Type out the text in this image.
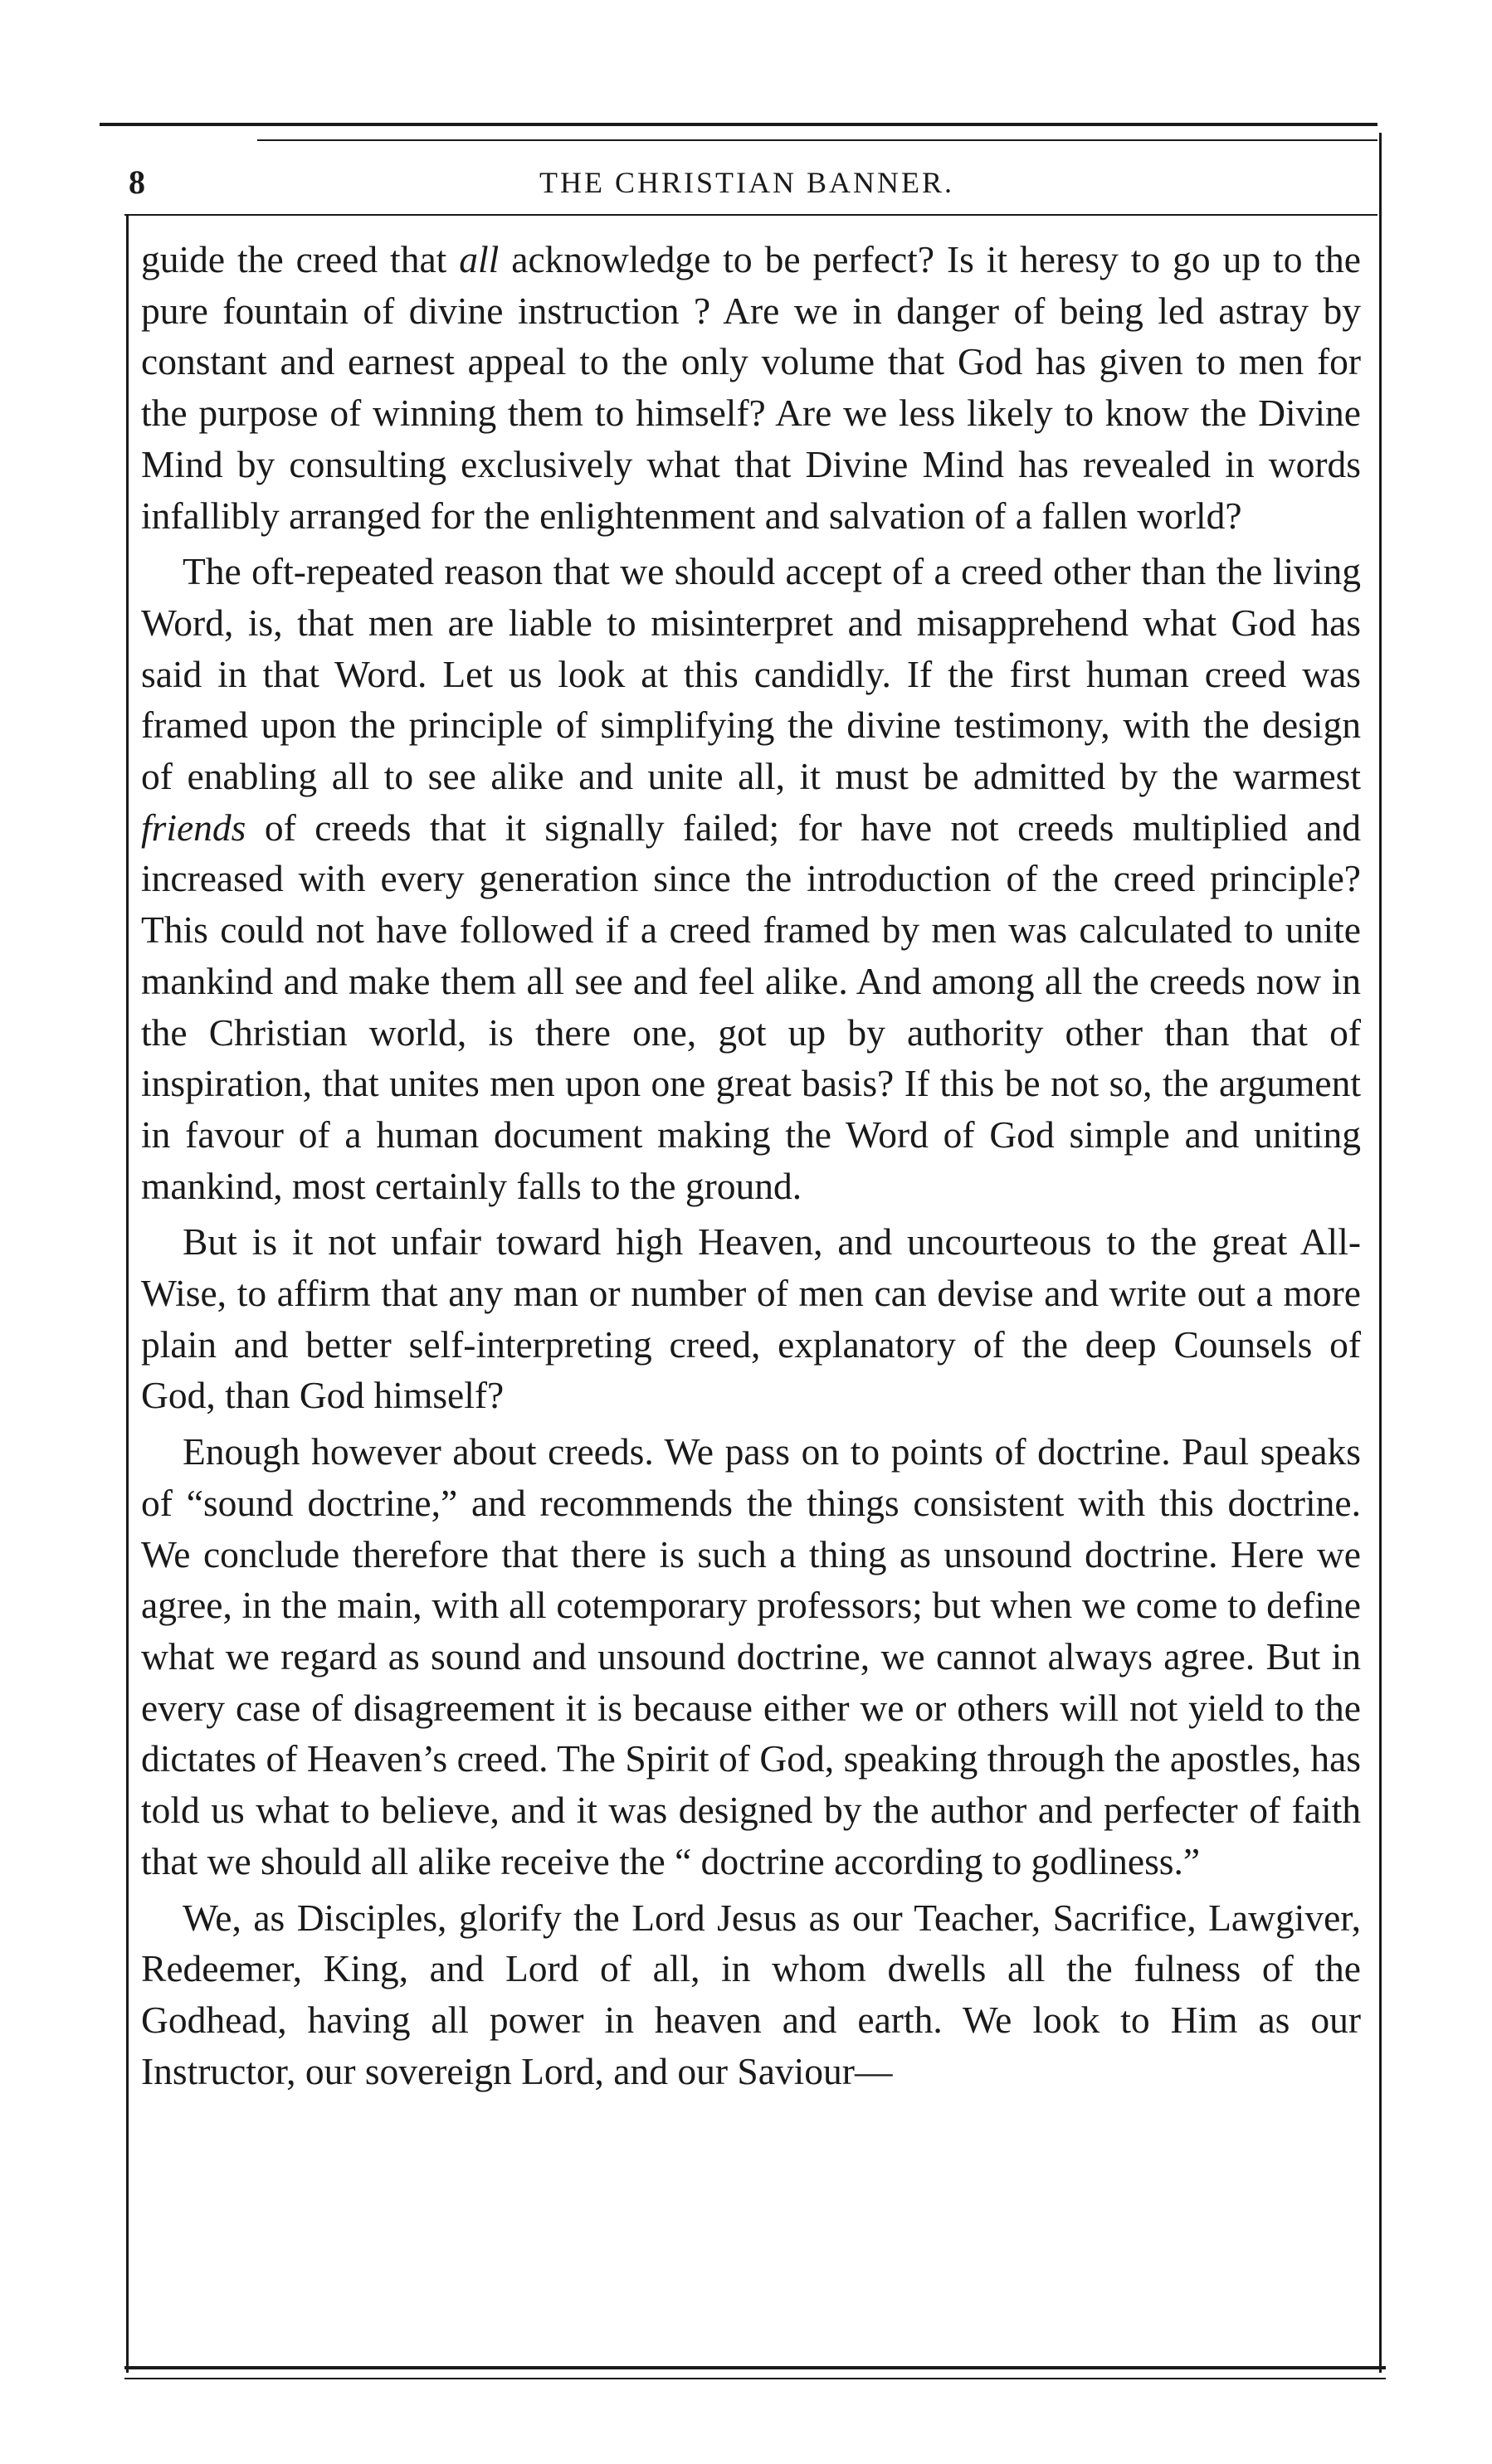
8	THE CHRISTIAN BANNER.

guide the creed that all acknowledge to be perfect? Is it heresy to go up to the pure fountain of divine instruction ? Are we in danger of being led astray by constant and earnest appeal to the only volume that God has given to men for the purpose of winning them to himself? Are we less likely to know the Divine Mind by consulting exclusively what that Divine Mind has revealed in words infallibly arranged for the enlightenment and salvation of a fallen world?

The oft-repeated reason that we should accept of a creed other than the living Word, is, that men are liable to misinterpret and misapprehend what God has said in that Word. Let us look at this candidly. If the first human creed was framed upon the principle of simplifying the divine testimony, with the design of enabling all to see alike and unite all, it must be admitted by the warmest friends of creeds that it signally failed; for have not creeds multiplied and increased with every generation since the introduction of the creed principle? This could not have followed if a creed framed by men was calculated to unite mankind and make them all see and feel alike. And among all the creeds now in the Christian world, is there one, got up by authority other than that of inspiration, that unites men upon one great basis? If this be not so, the argument in favour of a human document making the Word of God simple and uniting mankind, most certainly falls to the ground.

But is it not unfair toward high Heaven, and uncourteous to the great All-Wise, to affirm that any man or number of men can devise and write out a more plain and better self-interpreting creed, explanatory of the deep Counsels of God, than God himself?

Enough however about creeds. We pass on to points of doctrine. Paul speaks of “sound doctrine,” and recommends the things consistent with this doctrine. We conclude therefore that there is such a thing as unsound doctrine. Here we agree, in the main, with all cotemporary professors; but when we come to define what we regard as sound and unsound doctrine, we cannot always agree. But in every case of disagreement it is because either we or others will not yield to the dictates of Heaven’s creed. The Spirit of God, speaking through the apostles, has told us what to believe, and it was designed by the author and perfecter of faith that we should all alike receive the “ doctrine according to godliness.”

We, as Disciples, glorify the Lord Jesus as our Teacher, Sacrifice, Lawgiver, Redeemer, King, and Lord of all, in whom dwells all the fulness of the Godhead, having all power in heaven and earth. We look to Him as our Instructor, our sovereign Lord, and our Saviour—
